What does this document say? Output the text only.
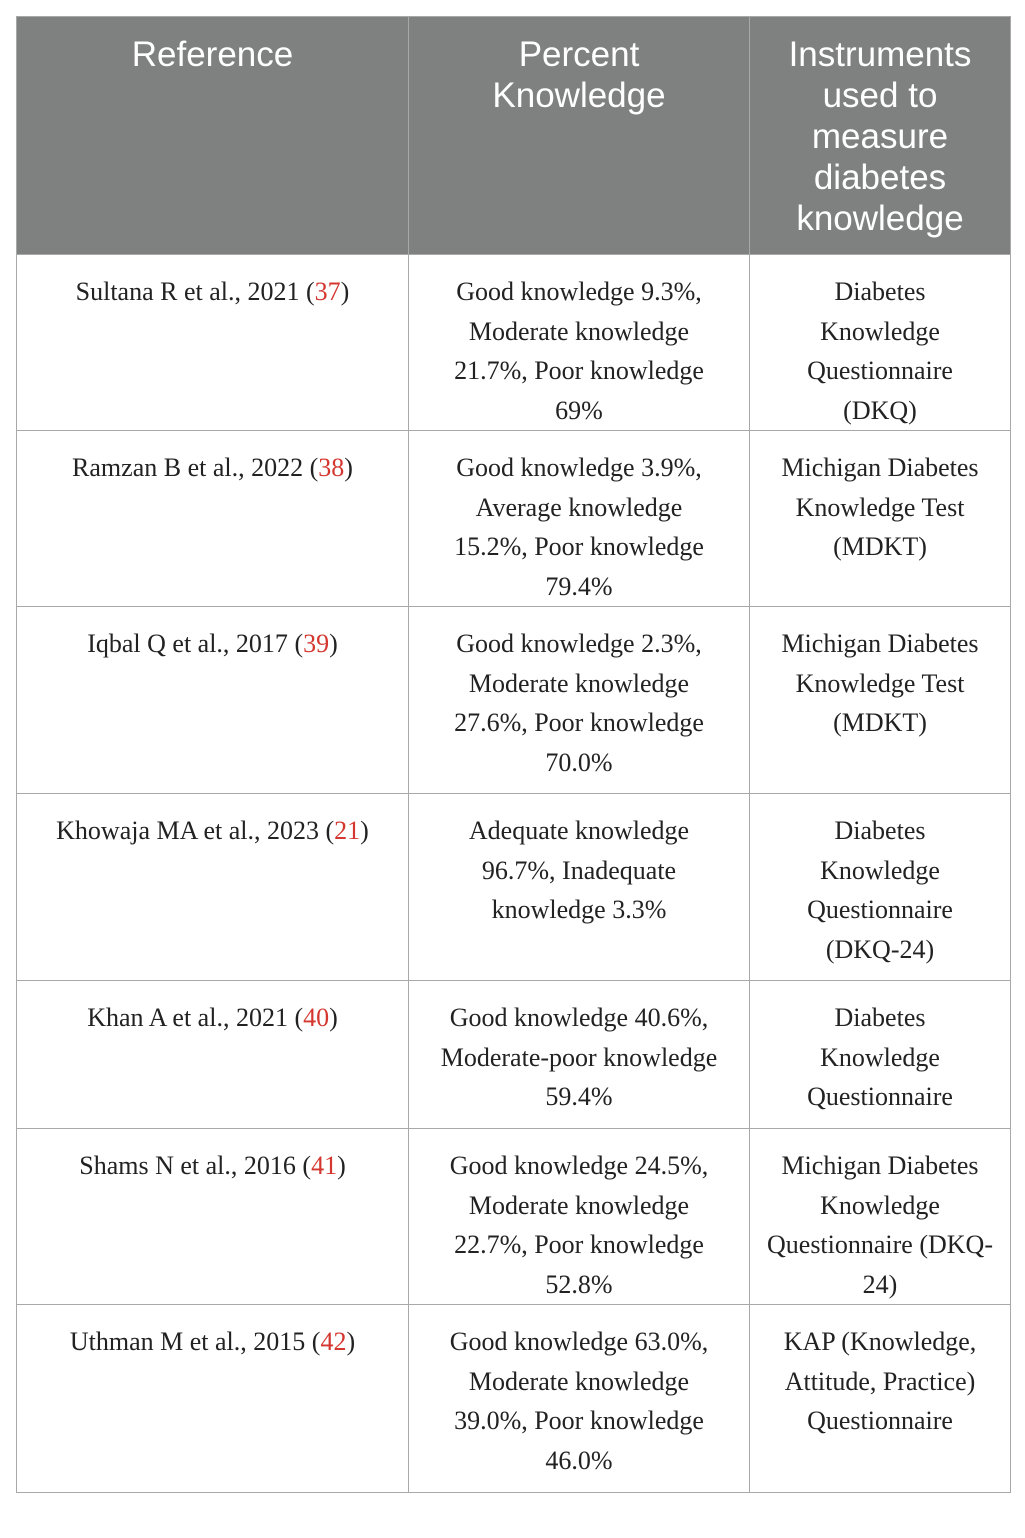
Reference	Percent Knowledge	Instruments used to measure diabetes knowledge
Sultana R et al., 2021 (37)	Good knowledge 9.3%, Moderate knowledge 21.7%, Poor knowledge 69%	Diabetes Knowledge Questionnaire (DKQ)
Ramzan B et al., 2022 (38)	Good knowledge 3.9%, Average knowledge 15.2%, Poor knowledge 79.4%	Michigan Diabetes Knowledge Test (MDKT)
Iqbal Q et al., 2017 (39)	Good knowledge 2.3%, Moderate knowledge 27.6%, Poor knowledge 70.0%	Michigan Diabetes Knowledge Test (MDKT)
Khowaja MA et al., 2023 (21)	Adequate knowledge 96.7%, Inadequate knowledge 3.3%	Diabetes Knowledge Questionnaire (DKQ-24)
Khan A et al., 2021 (40)	Good knowledge 40.6%, Moderate-poor knowledge 59.4%	Diabetes Knowledge Questionnaire
Shams N et al., 2016 (41)	Good knowledge 24.5%, Moderate knowledge 22.7%, Poor knowledge 52.8%	Michigan Diabetes Knowledge Questionnaire (DKQ-24)
Uthman M et al., 2015 (42)	Good knowledge 63.0%, Moderate knowledge 39.0%, Poor knowledge 46.0%	KAP (Knowledge, Attitude, Practice) Questionnaire
